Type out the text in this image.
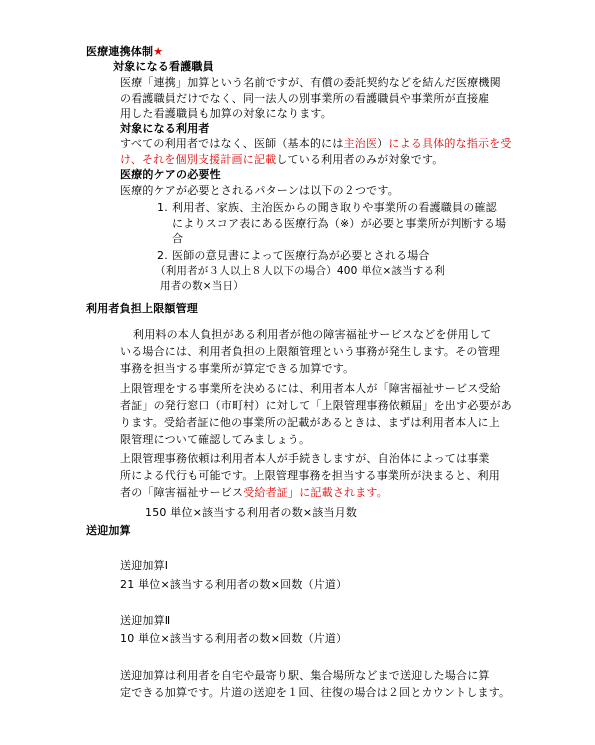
医療連携体制★
対象になる看護職員
医療「連携」加算という名前ですが、有償の委託契約などを結んだ医療機関
の看護職員だけでなく、同一法人の別事業所の看護職員や事業所が直接雇
用した看護職員も加算の対象になります。
対象になる利用者
すべての利用者ではなく、医師（基本的には主治医）による具体的な指示を受
け、それを個別支援計画に記載している利用者のみが対象です。
医療的ケアの必要性
医療的ケアが必要とされるパターンは以下の２つです。
1. 利用者、家族、主治医からの聞き取りや事業所の看護職員の確認
によりスコア表にある医療行為（※）が必要と事業所が判断する場
合
2. 医師の意見書によって医療行為が必要とされる場合
（利用者が３人以上８人以下の場合）400 単位×該当する利
用者の数×当日）
利用者負担上限額管理
利用料の本人負担がある利用者が他の障害福祉サービスなどを併用して
いる場合には、利用者負担の上限額管理という事務が発生します。その管理
事務を担当する事業所が算定できる加算です。
上限管理をする事業所を決めるには、利用者本人が「障害福祉サービス受給
者証」の発行窓口（市町村）に対して「上限管理事務依頼届」を出す必要があ
ります。受給者証に他の事業所の記載があるときは、まずは利用者本人に上
限管理について確認してみましょう。
上限管理事務依頼は利用者本人が手続きしますが、自治体によっては事業
所による代行も可能です。上限管理事務を担当する事業所が決まると、利用
者の「障害福祉サービス受給者証」に記載されます。
150 単位×該当する利用者の数×該当月数
送迎加算
送迎加算Ⅰ
21 単位×該当する利用者の数×回数（片道）
送迎加算Ⅱ
10 単位×該当する利用者の数×回数（片道）
送迎加算は利用者を自宅や最寄り駅、集合場所などまで送迎した場合に算
定できる加算です。片道の送迎を１回、往復の場合は２回とカウントします。
